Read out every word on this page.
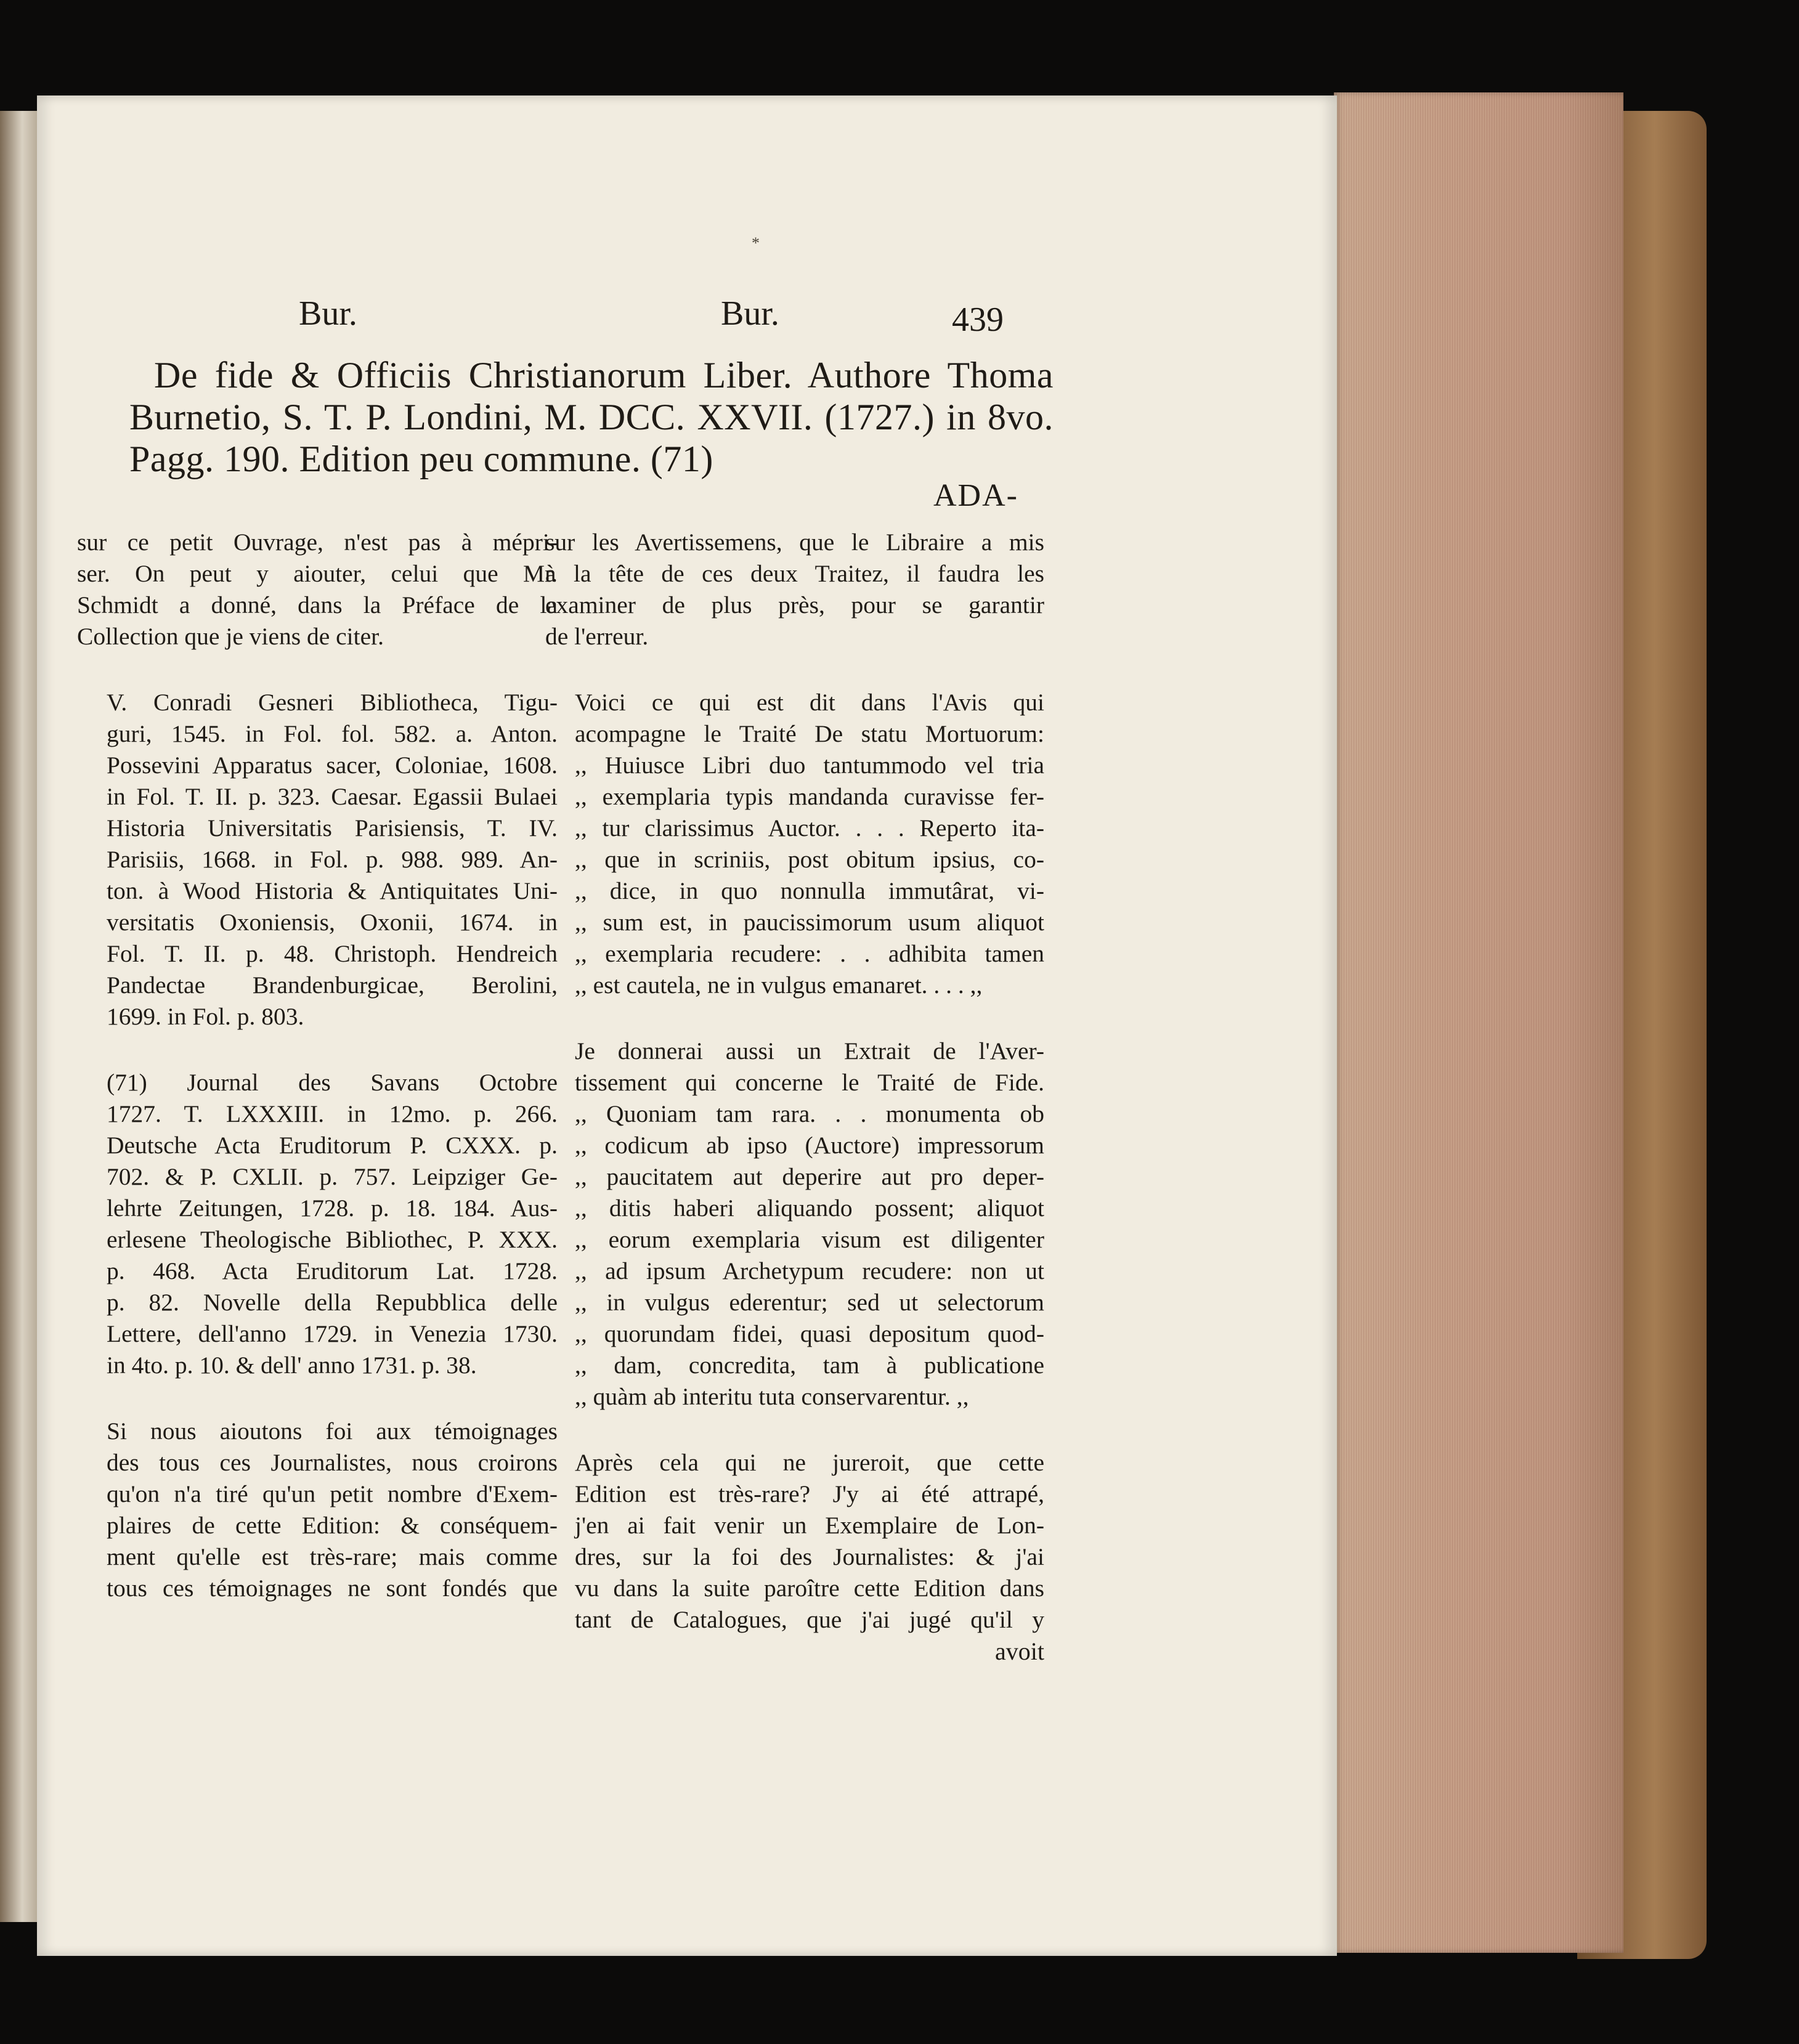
*
Bur.	Bur.	439
De fide & Officiis Christianorum Liber. Authore Thoma
Burnetio, S. T. P. Londini, M. DCC. XXVII. (1727.) in 8vo.
Pagg. 190. Edition peu commune. (71)
ADA-

sur ce petit Ouvrage, n'est pas à mépri-
ser. On peut y aiouter, celui que Mr.
Schmidt a donné, dans la Préface de la
Collection que je viens de citer.

V. Conradi Gesneri Bibliotheca, Tigu-
guri, 1545. in Fol. fol. 582. a. Anton.
Possevini Apparatus sacer, Coloniae, 1608.
in Fol. T. II. p. 323. Caesar. Egassii Bulaei
Historia Universitatis Parisiensis, T. IV.
Parisiis, 1668. in Fol. p. 988. 989. An-
ton. à Wood Historia & Antiquitates Uni-
versitatis Oxoniensis, Oxonii, 1674. in
Fol. T. II. p. 48. Christoph. Hendreich
Pandectae Brandenburgicae, Berolini,
1699. in Fol. p. 803.

(71) Journal des Savans Octobre
1727. T. LXXXIII. in 12mo. p. 266.
Deutsche Acta Eruditorum P. CXXX. p.
702. & P. CXLII. p. 757. Leipziger Ge-
lehrte Zeitungen, 1728. p. 18. 184. Aus-
erlesene Theologische Bibliothec, P. XXX.
p. 468. Acta Eruditorum Lat. 1728.
p. 82. Novelle della Repubblica delle
Lettere, dell'anno 1729. in Venezia 1730.
in 4to. p. 10. & dell' anno 1731. p. 38.

Si nous aioutons foi aux témoignages
des tous ces Journalistes, nous croirons
qu'on n'a tiré qu'un petit nombre d'Exem-
plaires de cette Edition: & conséquem-
ment qu'elle est très-rare; mais comme
tous ces témoignages ne sont fondés que

sur les Avertissemens, que le Libraire a mis
à la tête de ces deux Traitez, il faudra les
examiner de plus près, pour se garantir
de l'erreur.

Voici ce qui est dit dans l'Avis qui
acompagne le Traité De statu Mortuorum:
,, Huiusce Libri duo tantummodo vel tria
,, exemplaria typis mandanda curavisse fer-
,, tur clarissimus Auctor. . . . Reperto ita-
,, que in scriniis, post obitum ipsius, co-
,, dice, in quo nonnulla immutârat, vi-
,, sum est, in paucissimorum usum aliquot
,, exemplaria recudere: . . adhibita tamen
,, est cautela, ne in vulgus emanaret. . . . ,,

Je donnerai aussi un Extrait de l'Aver-
tissement qui concerne le Traité de Fide.
,, Quoniam tam rara. . . monumenta ob
,, codicum ab ipso (Auctore) impressorum
,, paucitatem aut deperire aut pro deper-
,, ditis haberi aliquando possent; aliquot
,, eorum exemplaria visum est diligenter
,, ad ipsum Archetypum recudere: non ut
,, in vulgus ederentur; sed ut selectorum
,, quorundam fidei, quasi depositum quod-
,, dam, concredita, tam à publicatione
,, quàm ab interitu tuta conservarentur. ,,

Après cela qui ne jureroit, que cette
Edition est très-rare? J'y ai été attrapé,
j'en ai fait venir un Exemplaire de Lon-
dres, sur la foi des Journalistes: & j'ai
vu dans la suite paroître cette Edition dans
tant de Catalogues, que j'ai jugé qu'il y

avoit
